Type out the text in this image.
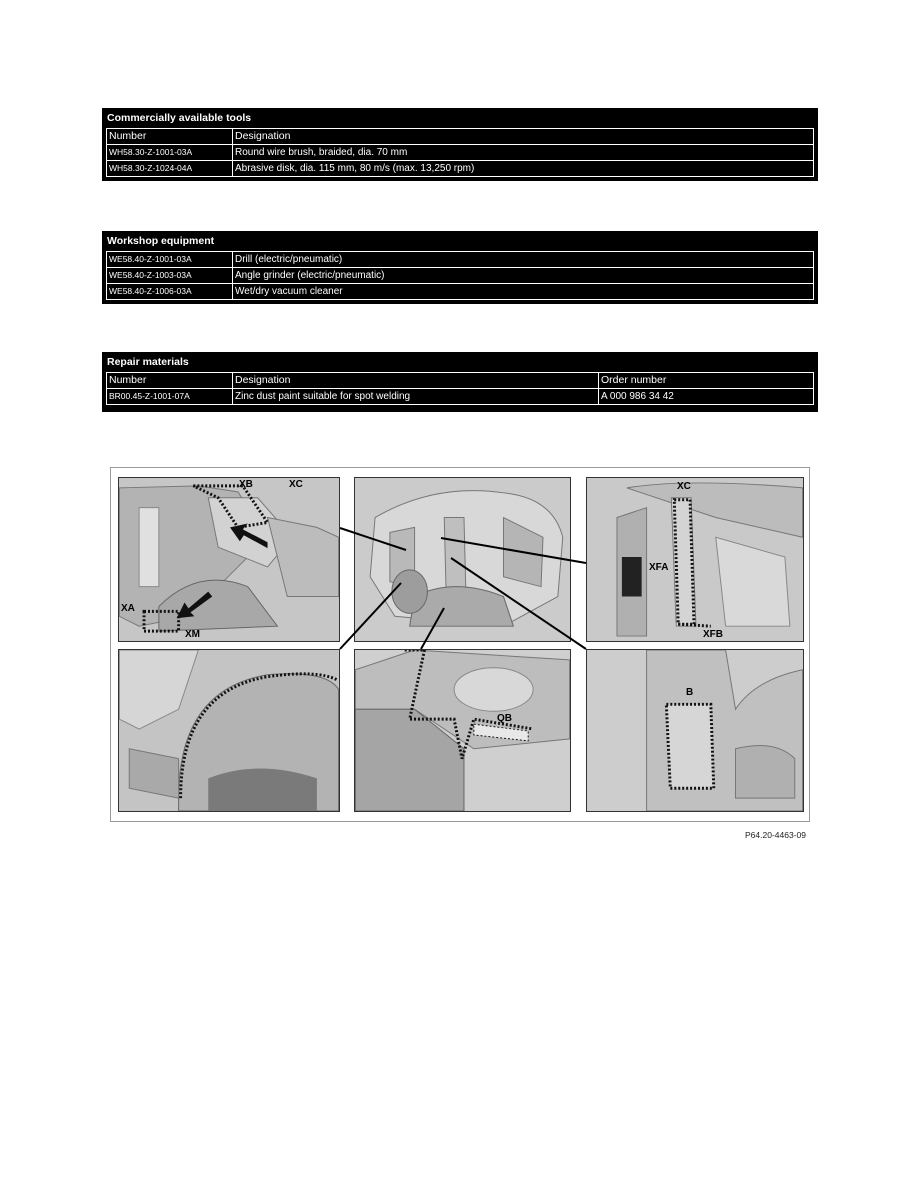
Commercially available tools
Number	Designation
WH58.30-Z-1001-03A	Round wire brush, braided, dia. 70 mm
WH58.30-Z-1024-04A	Abrasive disk, dia. 115 mm, 80 m/s (max. 13,250 rpm)
Workshop equipment
WE58.40-Z-1001-03A	Drill (electric/pneumatic)
WE58.40-Z-1003-03A	Angle grinder (electric/pneumatic)
WE58.40-Z-1006-03A	Wet/dry vacuum cleaner
Repair materials
Number	Designation	Order number
BR00.45-Z-1001-07A	Zinc dust paint suitable for spot welding	A 000 986 34 42
XB	XC
XA
XM
XC
XFA
XFB
QB
B
P64.20-4463-09
